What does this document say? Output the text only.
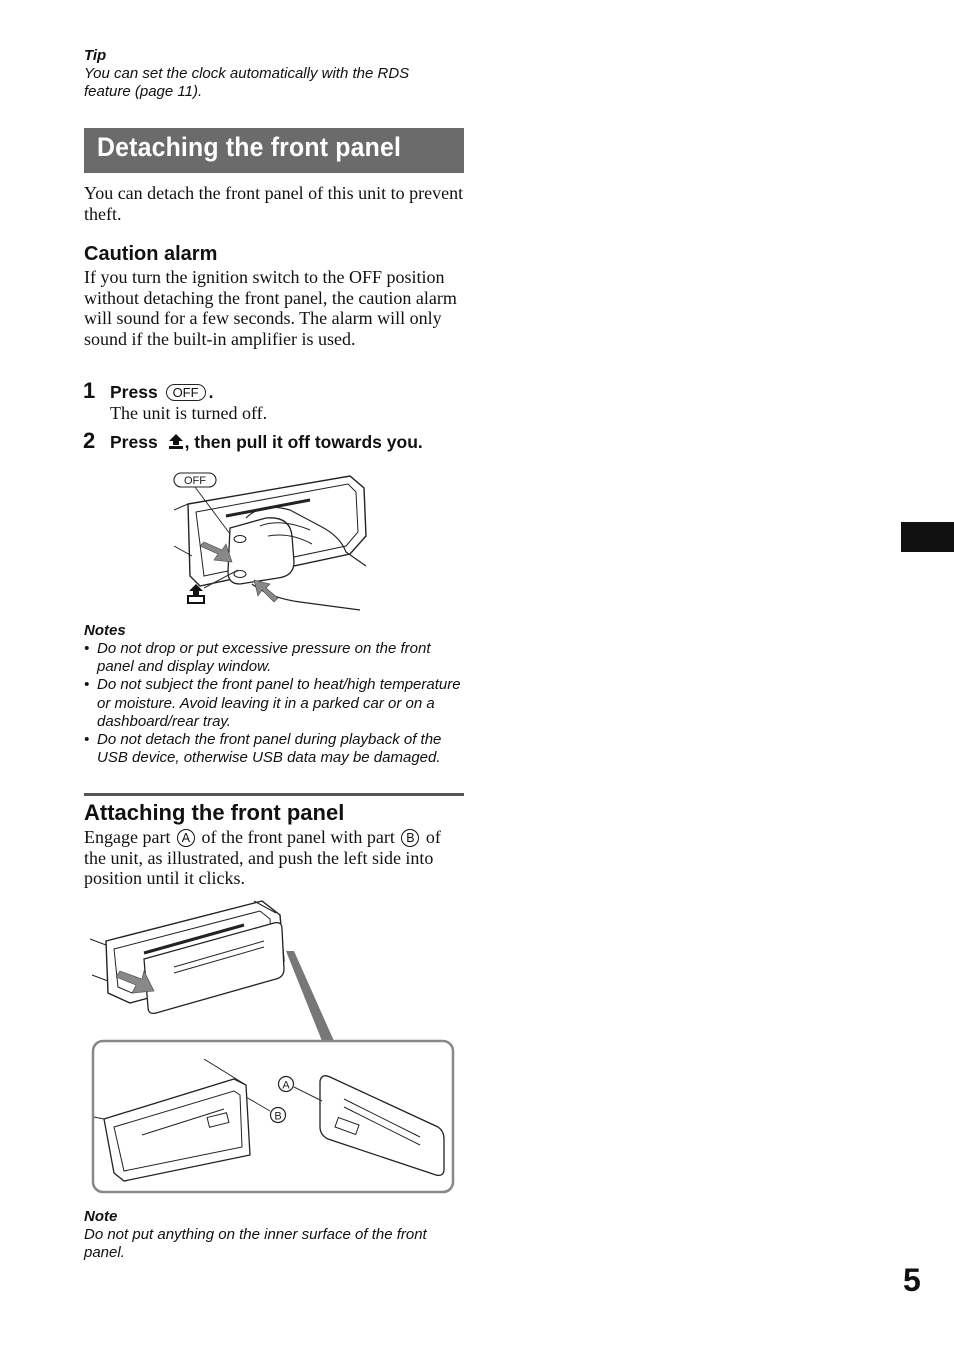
Tip
You can set the clock automatically with the RDS feature (page 11).
Detaching the front panel
You can detach the front panel of this unit to prevent theft.
Caution alarm
If you turn the ignition switch to the OFF position without detaching the front panel, the caution alarm will sound for a few seconds. The alarm will only sound if the built-in amplifier is used.
1 Press OFF .
The unit is turned off.
2 Press , then pull it off towards you.
OFF
Notes
• Do not drop or put excessive pressure on the front panel and display window.
• Do not subject the front panel to heat/high temperature or moisture. Avoid leaving it in a parked car or on a dashboard/rear tray.
• Do not detach the front panel during playback of the USB device, otherwise USB data may be damaged.
Attaching the front panel
Engage part A of the front panel with part B of the unit, as illustrated, and push the left side into position until it clicks.
A
B
Note
Do not put anything on the inner surface of the front panel.
5
